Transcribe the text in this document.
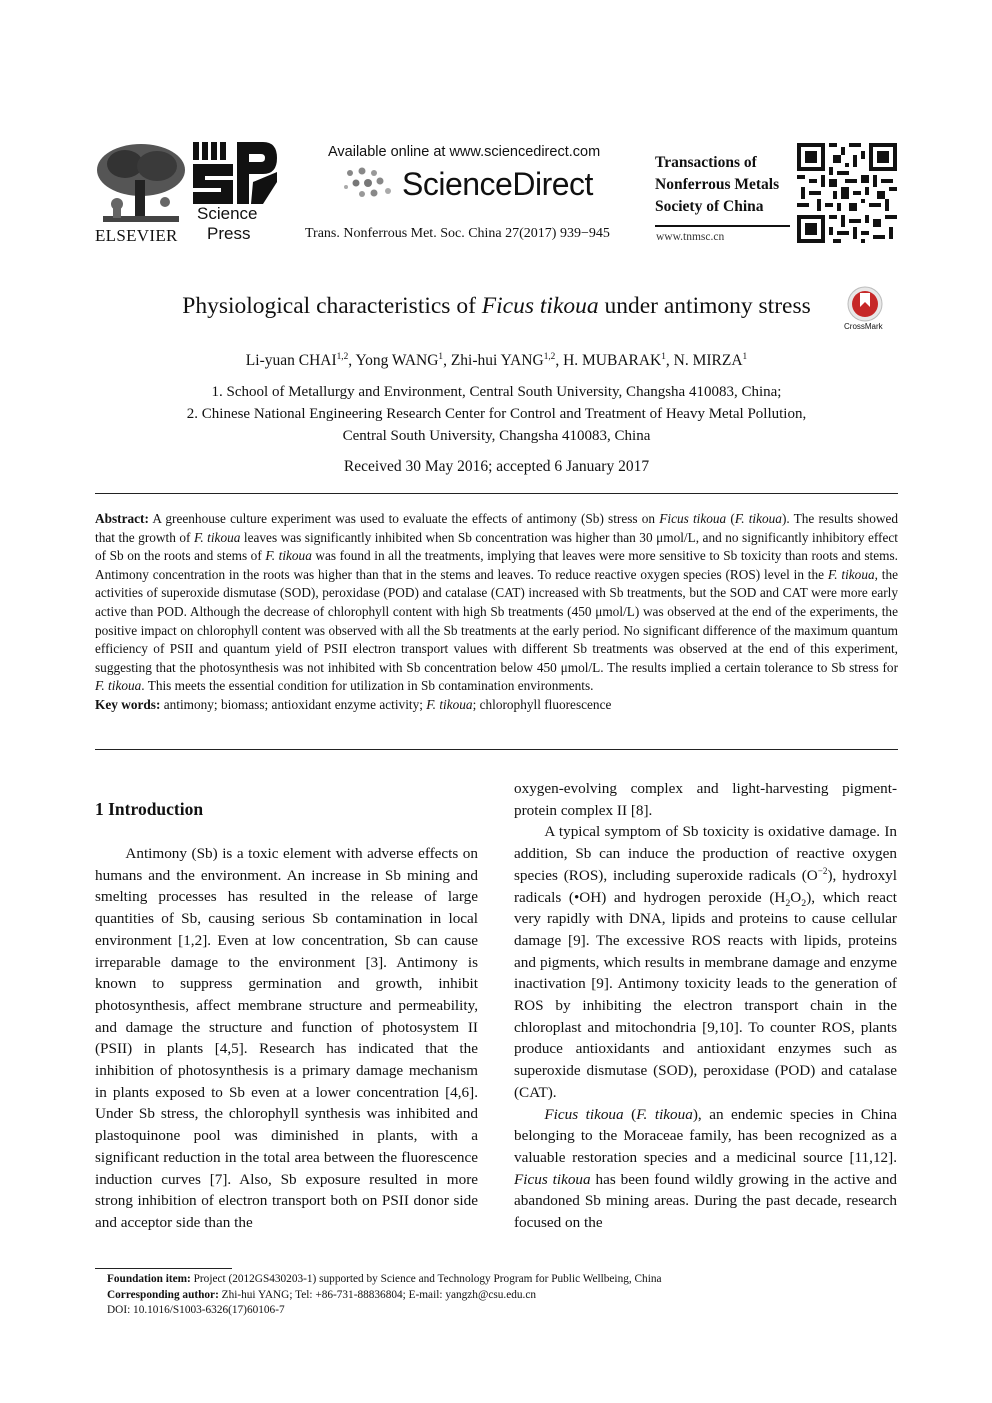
ELSEVIER
Science
Press
Available online at www.sciencedirect.com
ScienceDirect
Trans. Nonferrous Met. Soc. China 27(2017) 939−945
Transactions of
Nonferrous Metals
Society of China
www.tnmsc.cn
Physiological characteristics of Ficus tikoua under antimony stress
CrossMark
Li-yuan CHAI$^{1,2}$, Yong WANG$^1$, Zhi-hui YANG$^{1,2}$, H. MUBARAK$^1$, N. MIRZA$^1$
1. School of Metallurgy and Environment, Central South University, Changsha 410083, China;
2. Chinese National Engineering Research Center for Control and Treatment of Heavy Metal Pollution,
Central South University, Changsha 410083, China
Received 30 May 2016; accepted 6 January 2017

Abstract: A greenhouse culture experiment was used to evaluate the effects of antimony (Sb) stress on Ficus tikoua (F. tikoua). The results showed that the growth of F. tikoua leaves was significantly inhibited when Sb concentration was higher than 30 μmol/L, and no significantly inhibitory effect of Sb on the roots and stems of F. tikoua was found in all the treatments, implying that leaves were more sensitive to Sb toxicity than roots and stems. Antimony concentration in the roots was higher than that in the stems and leaves. To reduce reactive oxygen species (ROS) level in the F. tikoua, the activities of superoxide dismutase (SOD), peroxidase (POD) and catalase (CAT) increased with Sb treatments, but the SOD and CAT were more early active than POD. Although the decrease of chlorophyll content with high Sb treatments (450 μmol/L) was observed at the end of the experiments, the positive impact on chlorophyll content was observed with all the Sb treatments at the early period. No significant difference of the maximum quantum efficiency of PSII and quantum yield of PSII electron transport values with different Sb treatments was observed at the end of this experiment, suggesting that the photosynthesis was not inhibited with Sb concentration below 450 μmol/L. The results implied a certain tolerance to Sb stress for F. tikoua. This meets the essential condition for utilization in Sb contamination environments.

Key words: antimony; biomass; antioxidant enzyme activity; F. tikoua; chlorophyll fluorescence

1 Introduction

Antimony (Sb) is a toxic element with adverse effects on humans and the environment. An increase in Sb mining and smelting processes has resulted in the release of large quantities of Sb, causing serious Sb contamination in local environment [1,2]. Even at low concentration, Sb can cause irreparable damage to the environment [3]. Antimony is known to suppress germination and growth, inhibit photosynthesis, affect membrane structure and permeability, and damage the structure and function of photosystem II (PSII) in plants [4,5]. Research has indicated that the inhibition of photosynthesis is a primary damage mechanism in plants exposed to Sb even at a lower concentration [4,6]. Under Sb stress, the chlorophyll synthesis was inhibited and plastoquinone pool was diminished in plants, with a significant reduction in the total area between the fluorescence induction curves [7]. Also, Sb exposure resulted in more strong inhibition of electron transport both on PSII donor side and acceptor side than the

oxygen-evolving complex and light-harvesting pigment-protein complex II [8].

A typical symptom of Sb toxicity is oxidative damage. In addition, Sb can induce the production of reactive oxygen species (ROS), including superoxide radicals $(O^{-2})$, hydroxyl radicals (•OH) and hydrogen peroxide $(H_2O_2)$, which react very rapidly with DNA, lipids and proteins to cause cellular damage [9]. The excessive ROS reacts with lipids, proteins and pigments, which results in membrane damage and enzyme inactivation [9]. Antimony toxicity leads to the generation of ROS by inhibiting the electron transport chain in the chloroplast and mitochondria [9,10]. To counter ROS, plants produce antioxidants and antioxidant enzymes such as superoxide dismutase (SOD), peroxidase (POD) and catalase (CAT).

Ficus tikoua (F. tikoua), an endemic species in China belonging to the Moraceae family, has been recognized as a valuable restoration species and a medicinal source [11,12]. Ficus tikoua has been found wildly growing in the active and abandoned Sb mining areas. During the past decade, research focused on the

Foundation item: Project (2012GS430203-1) supported by Science and Technology Program for Public Wellbeing, China
Corresponding author: Zhi-hui YANG; Tel: +86-731-88836804; E-mail: yangzh@csu.edu.cn
DOI: 10.1016/S1003-6326(17)60106-7
